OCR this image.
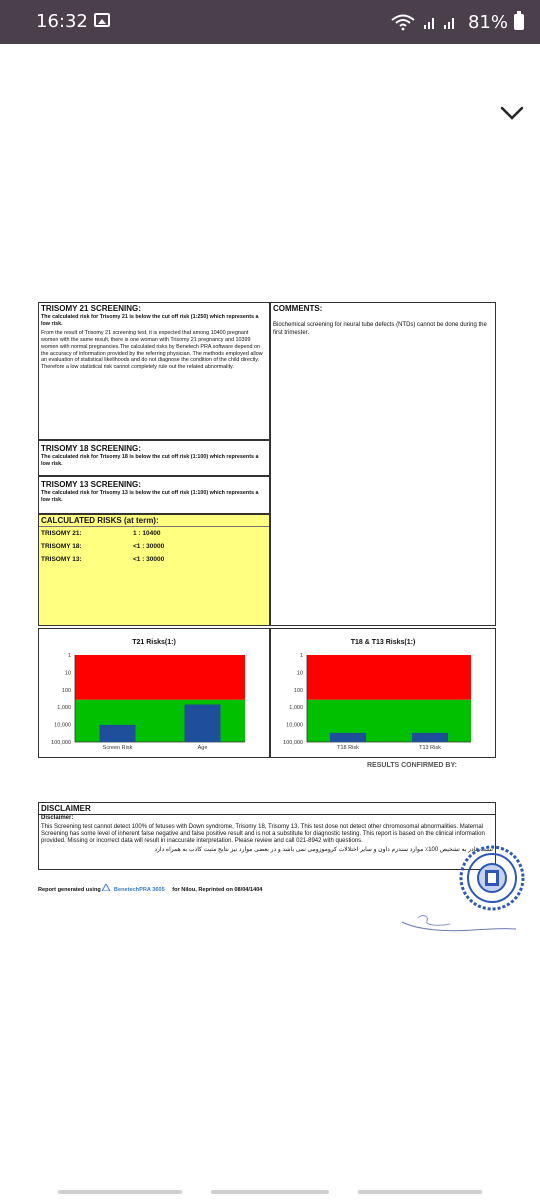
16:32	81%
TRISOMY 21 SCREENING:
The calculated risk for Trisomy 21 is below the cut off risk (1:250) which represents a low risk.
From the result of Trisomy 21 screening test, it is expected that among 10400 pregnant women with the same result, there is one woman with Trisomy 21 pregnancy and 10399 women with normal pregnancies.The calculated risks by Benetech PRA software depend on the accuracy of information provided by the referring physician. The methods employed allow an evaluation of statistical likelihoods and do not diagnose the condition of the child directly. Therefore a low statistical risk cannot completely rule out the related abnormality.
TRISOMY 18 SCREENING:
The calculated risk for Trisomy 18 is below the cut off risk (1:100) which represents a low risk.
TRISOMY 13 SCREENING:
The calculated risk for Trisomy 13 is below the cut off risk (1:100) which represents a low risk.
COMMENTS:
Biochemical screening for neural tube defects (NTDs) cannot be done during the first trimester.
CALCULATED RISKS (at term):
TRISOMY 21:	1 : 10400
TRISOMY 18:	<1 : 30000
TRISOMY 13:	<1 : 30000
T21 Risks(1:)
1
10
100
1,000
10,000
100,000
Screen Risk	Age
T18 & T13 Risks(1:)
1
10
100
1,000
10,000
100,000
T18 Risk	T13 Risk
RESULTS CONFIRMED BY:
DISCLAIMER
Disclaimer:
This Screening test cannot detect 100% of fetuses with Down syndrome, Trisomy 18, Trisomy 13. This test dose not detect other chromosomal abnormalities. Maternal Screening has some level of inherent false negative and false positive result and is not a substitute for diagnostic testing. This report is based on the clinical information provided. Missing or incorrect data will result in inaccurate interpretation. Please review and call 021-8942 with questions.
تست قادر به تشخیص 100٪ موارد سندرم داون و سایر اختلالات کروموزومی نمی باشد و در بعضی موارد نیز نتایج مثبت کاذب به همراه دارد
Report generated using BenetechPRA 3605 for Nilou, Reprinted on 08/04/1404
